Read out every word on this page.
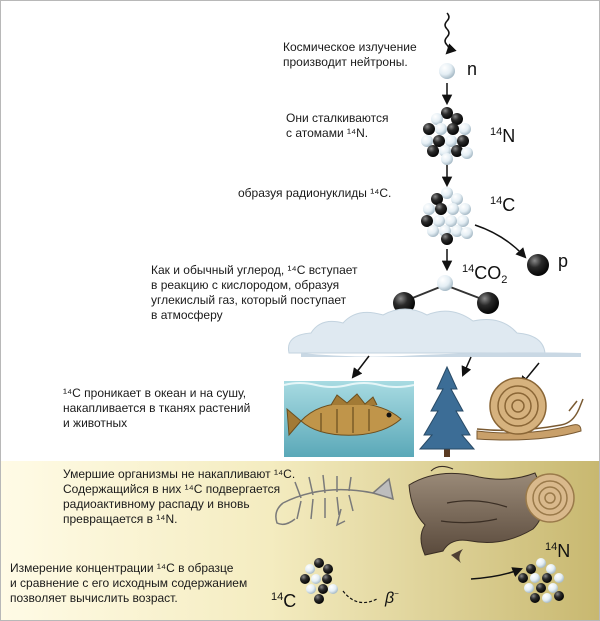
Космическое излучение
производит нейтроны.

Они сталкиваются
с атомами ¹⁴N.

образуя радионуклиды ¹⁴C.

Как и обычный углерод, ¹⁴C вступает
в реакцию с кислородом, образуя
углекислый газ, который поступает
в атмосферу

¹⁴C проникает в океан и на сушу,
накапливается в тканях растений
и животных

Умершие организмы не накапливают ¹⁴C.
Содержащийся в них ¹⁴C подвергается
радиоактивному распаду и вновь
превращается в ¹⁴N.

Измерение концентрации ¹⁴C в образце
и сравнение с его исходным содержанием
позволяет вычислить возраст.

n
$^{14}$N
$^{14}$C
$^{14}CO_2$
p
$^{14}$C
$^{14}$N
β−
